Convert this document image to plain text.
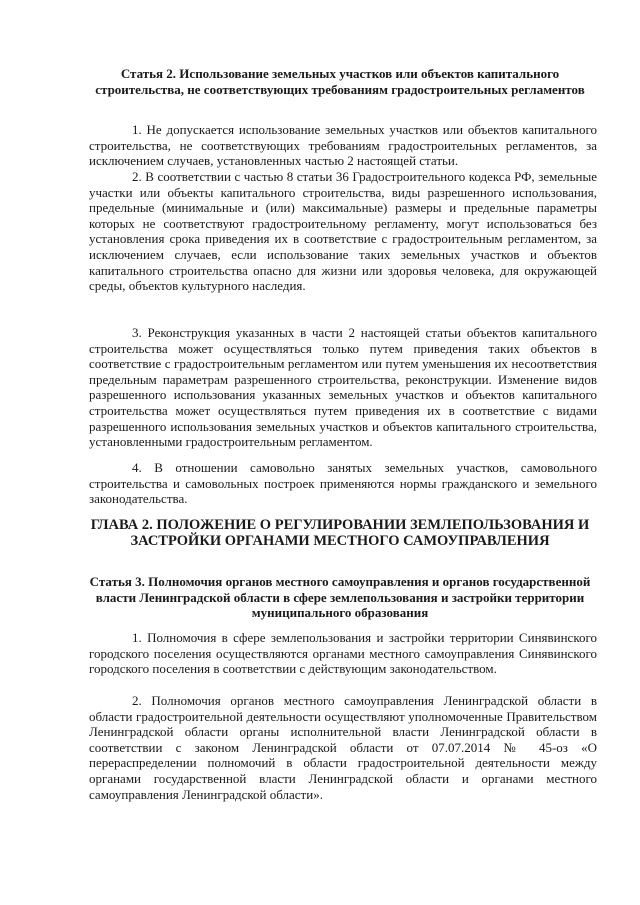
Статья 2. Использование земельных участков или объектов капитального строительства, не соответствующих требованиям градостроительных регламентов

1. Не допускается использование земельных участков или объектов капитального строительства, не соответствующих требованиям градостроительных регламентов, за исключением случаев, установленных частью 2 настоящей статьи.

2. В соответствии с частью 8 статьи 36 Градостроительного кодекса РФ, земельные участки или объекты капитального строительства, виды разрешенного использования, предельные (минимальные и (или) максимальные) размеры и предельные параметры которых не соответствуют градостроительному регламенту, могут использоваться без установления срока приведения их в соответствие с градостроительным регламентом, за исключением случаев, если использование таких земельных участков и объектов капитального строительства опасно для жизни или здоровья человека, для окружающей среды, объектов культурного наследия.

3. Реконструкция указанных в части 2 настоящей статьи объектов капитального строительства может осуществляться только путем приведения таких объектов в соответствие с градостроительным регламентом или путем уменьшения их несоответствия предельным параметрам разрешенного строительства, реконструкции. Изменение видов разрешенного использования указанных земельных участков и объектов капитального строительства может осуществляться путем приведения их в соответствие с видами разрешенного использования земельных участков и объектов капитального строительства, установленными градостроительным регламентом.

4. В отношении самовольно занятых земельных участков, самовольного строительства и самовольных построек применяются нормы гражданского и земельного законодательства.

ГЛАВА 2. ПОЛОЖЕНИЕ О РЕГУЛИРОВАНИИ ЗЕМЛЕПОЛЬЗОВАНИЯ И ЗАСТРОЙКИ ОРГАНАМИ МЕСТНОГО САМОУПРАВЛЕНИЯ
Статья 3. Полномочия органов местного самоуправления и органов государственной власти Ленинградской области в сфере землепользования и застройки территории муниципального образования

1. Полномочия в сфере землепользования и застройки территории Синявинского городского поселения осуществляются органами местного самоуправления Синявинского городского поселения в соответствии с действующим законодательством.

2. Полномочия органов местного самоуправления Ленинградской области в области градостроительной деятельности осуществляют уполномоченные Правительством Ленинградской области органы исполнительной власти Ленинградской области в соответствии с законом Ленинградской области от 07.07.2014 № 45-оз «О перераспределении полномочий в области градостроительной деятельности между органами государственной власти Ленинградской области и органами местного самоуправления Ленинградской области».
